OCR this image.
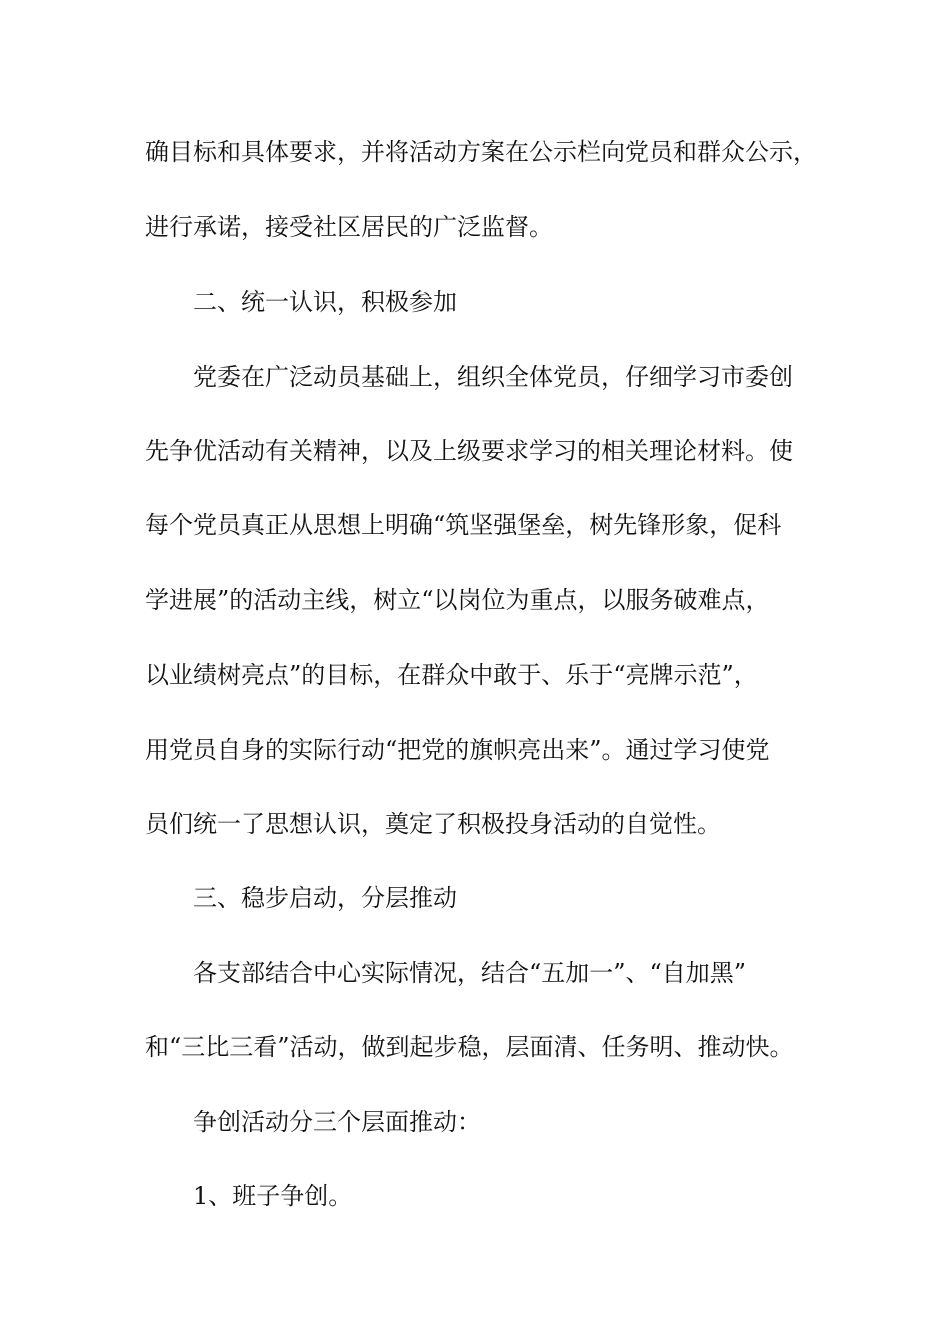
确目标和具体要求，并将活动方案在公示栏向党员和群众公示，
进行承诺，接受社区居民的广泛监督。
二、统一认识，积极参加
党委在广泛动员基础上，组织全体党员，仔细学习市委创
先争优活动有关精神，以及上级要求学习的相关理论材料。使
每个党员真正从思想上明确“筑坚强堡垒，树先锋形象，促科
学进展”的活动主线，树立“以岗位为重点，以服务破难点，
以业绩树亮点”的目标，在群众中敢于、乐于“亮牌示范”，
用党员自身的实际行动“把党的旗帜亮出来”。通过学习使党
员们统一了思想认识，奠定了积极投身活动的自觉性。
三、稳步启动，分层推动
各支部结合中心实际情况，结合“五加一”、“自加黑”
和“三比三看”活动，做到起步稳，层面清、任务明、推动快。
争创活动分三个层面推动：
1、班子争创。
